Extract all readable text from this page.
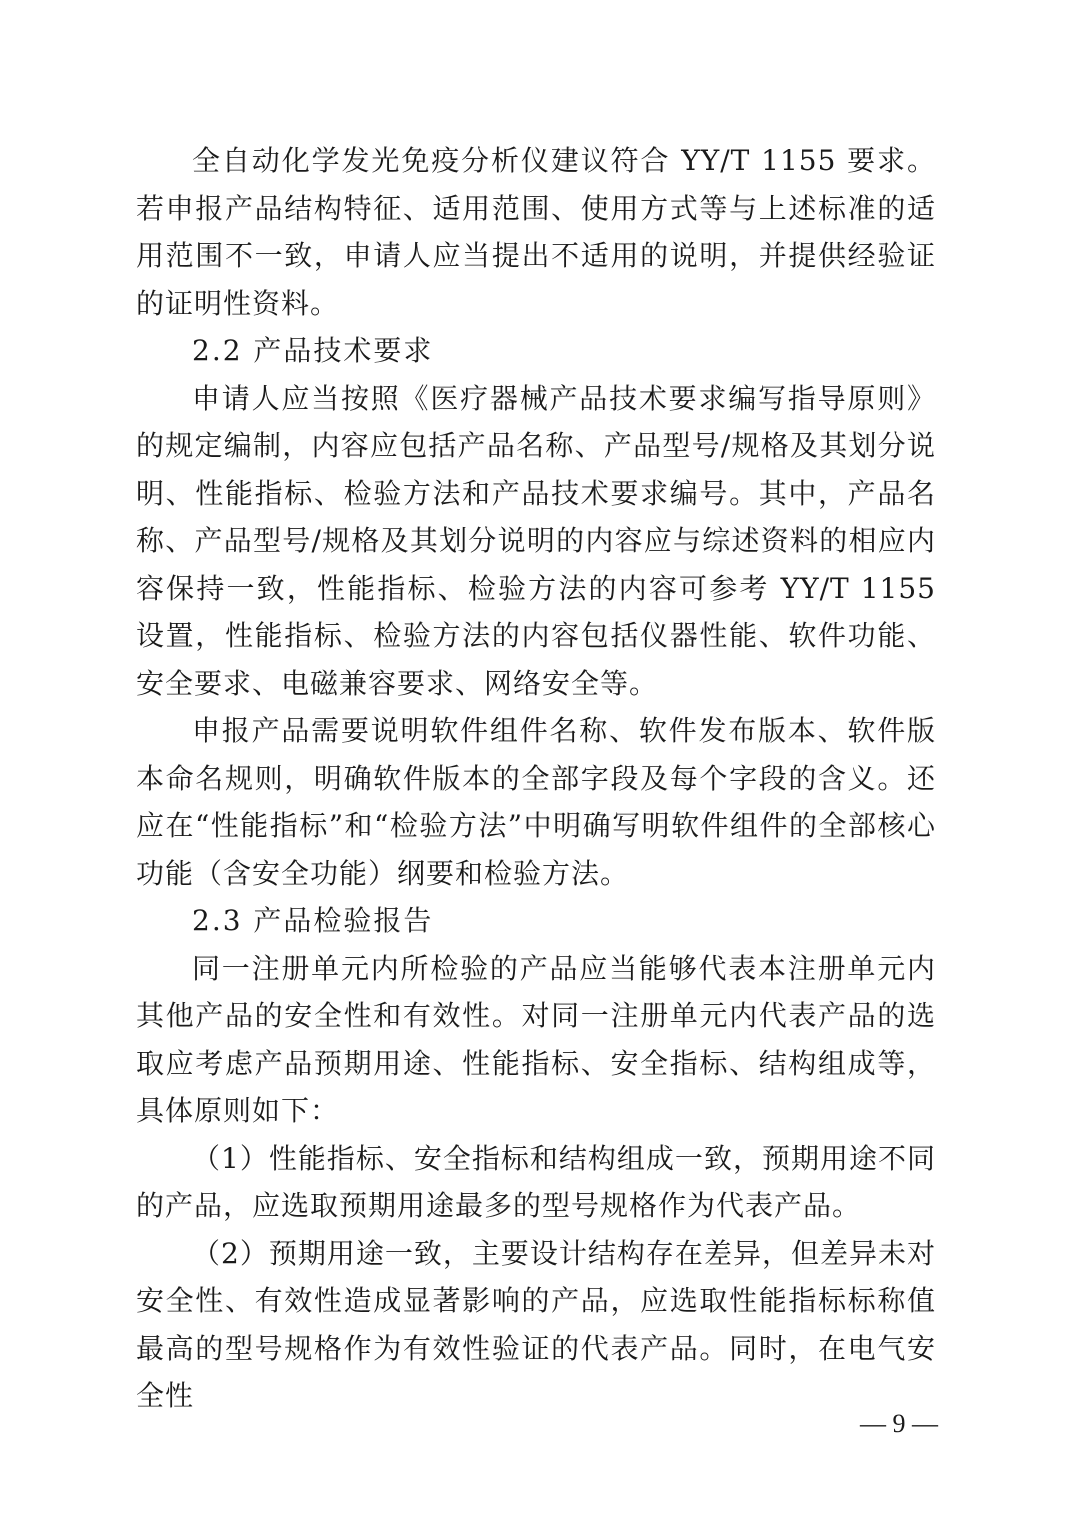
全自动化学发光免疫分析仪建议符合 YY/T 1155 要求。若申报产品结构特征、适用范围、使用方式等与上述标准的适用范围不一致，申请人应当提出不适用的说明，并提供经验证的证明性资料。

2.2 产品技术要求

申请人应当按照《医疗器械产品技术要求编写指导原则》的规定编制，内容应包括产品名称、产品型号/规格及其划分说明、性能指标、检验方法和产品技术要求编号。其中，产品名称、产品型号/规格及其划分说明的内容应与综述资料的相应内容保持一致，性能指标、检验方法的内容可参考 YY/T 1155 设置，性能指标、检验方法的内容包括仪器性能、软件功能、安全要求、电磁兼容要求、网络安全等。

申报产品需要说明软件组件名称、软件发布版本、软件版本命名规则，明确软件版本的全部字段及每个字段的含义。还应在“性能指标”和“检验方法”中明确写明软件组件的全部核心功能（含安全功能）纲要和检验方法。

2.3 产品检验报告

同一注册单元内所检验的产品应当能够代表本注册单元内其他产品的安全性和有效性。对同一注册单元内代表产品的选取应考虑产品预期用途、性能指标、安全指标、结构组成等，具体原则如下：

（1）性能指标、安全指标和结构组成一致，预期用途不同的产品，应选取预期用途最多的型号规格作为代表产品。

（2）预期用途一致，主要设计结构存在差异，但差异未对安全性、有效性造成显著影响的产品，应选取性能指标标称值最高的型号规格作为有效性验证的代表产品。同时，在电气安全性

— 9 —
